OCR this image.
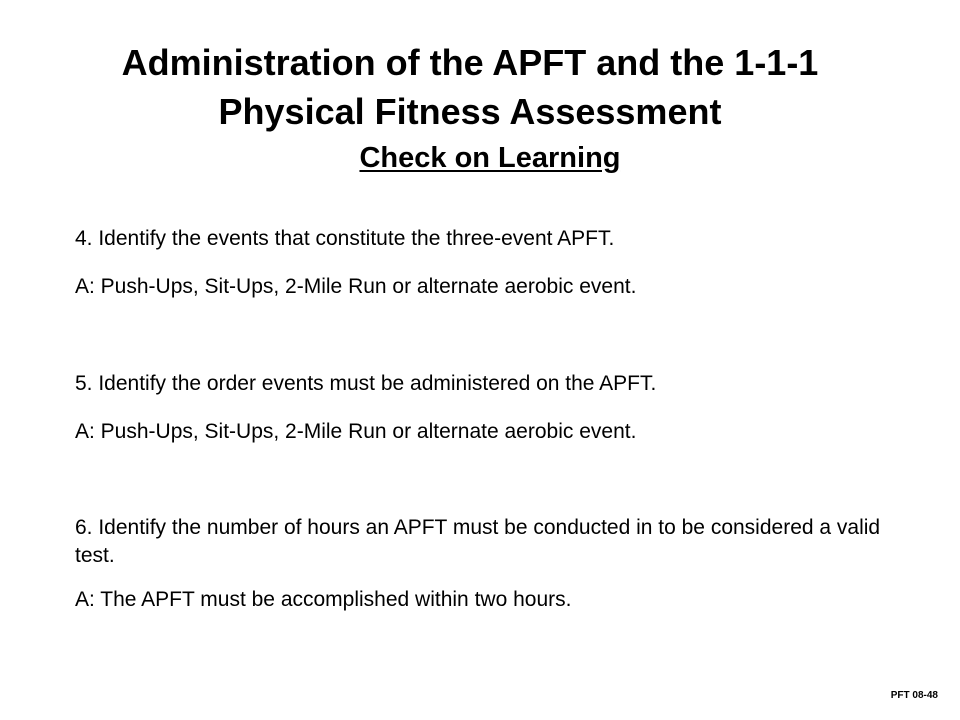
Administration of the APFT and the 1-1-1
Physical Fitness Assessment
Check on Learning

4. Identify the events that constitute the three-event APFT.

A: Push-Ups, Sit-Ups, 2-Mile Run or alternate aerobic event.

5. Identify the order events must be administered on the APFT.

A: Push-Ups, Sit-Ups, 2-Mile Run or alternate aerobic event.

6. Identify the number of hours an APFT must be conducted in to be considered a valid test.

A: The APFT must be accomplished within two hours.

PFT 08-48
